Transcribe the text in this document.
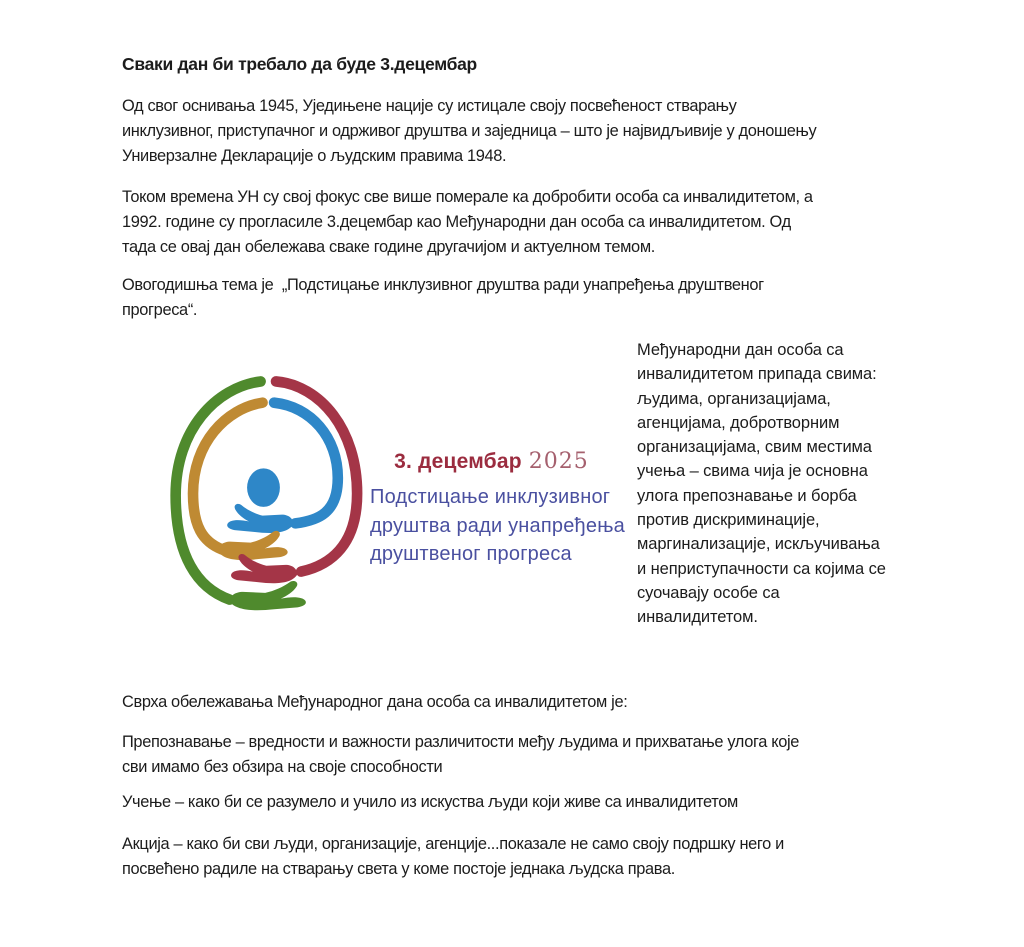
Сваки дан би требало да буде 3.децембар
Од свог оснивања 1945, Уједињене нације су истицале своју посвећеност стварању
инклузивног, приступачног и одрживог друштва и заједница – што је највидљивије у доношењу
Универзалне Декларације о људским правима 1948.
Током времена УН су свој фокус све више померале ка добробити особа са инвалидитетом, а
1992. године су прогласиле 3.децембар као Међународни дан особа са инвалидитетом. Од
тада се овај дан обележава сваке године другачијом и актуелном темом.
Овогодишња тема је  „Подстицање инклузивног друштва ради унапређења друштвеног
прогреса“.

3. децембар 2025

Подстицање инклузивног
друштва ради унапређења
друштвеног прогреса
Међународни дан особа са
инвалидитетом припада свима:
људима, организацијама,
агенцијама, добротворним
организацијама, свим местима
учења – свима чија је основна
улога препознавање и борба
против дискриминације,
маргинализације, искључивања
и неприступачности са којима се
суочавају особе са
инвалидитетом.
Сврха обележавања Међународног дана особа са инвалидитетом је:
Препознавање – вредности и важности различитости међу људима и прихватање улога које
сви имамо без обзира на своје способности
Учење – како би се разумело и учило из искуства људи који живе са инвалидитетом
Акција – како би сви људи, организације, агенције...показале не само своју подршку него и
посвећено радиле на стварању света у коме постоје једнака људска права.
